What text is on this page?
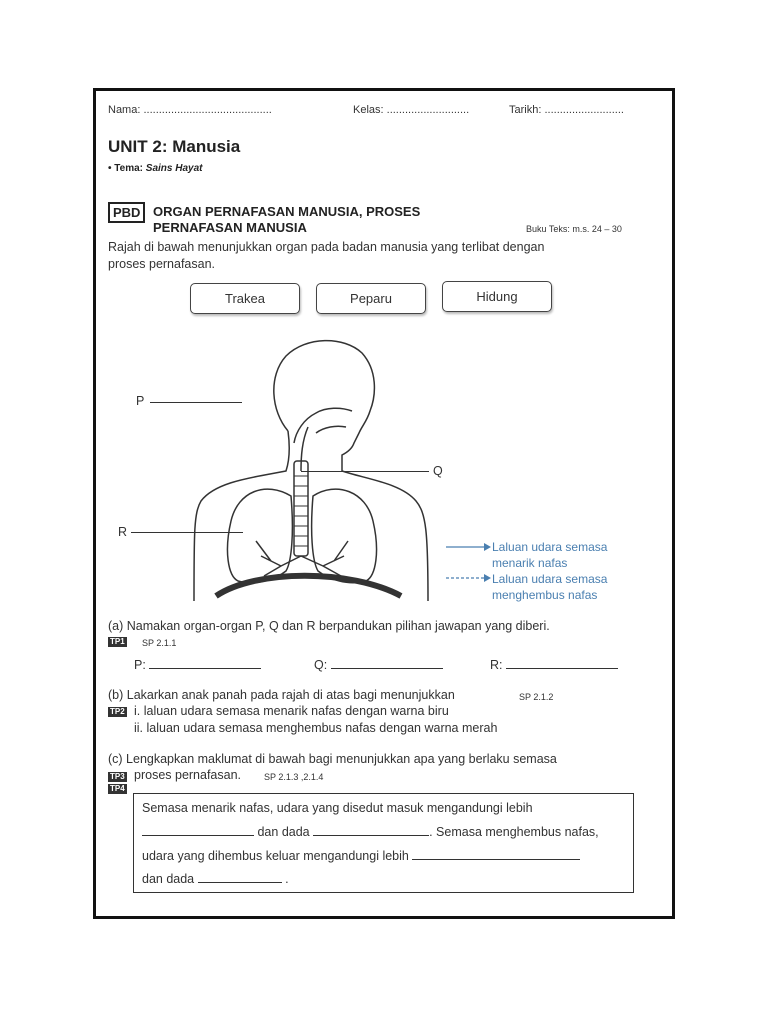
Nama: ..........................................	Kelas: ...........................	Tarikh: ..........................
UNIT 2: Manusia
• Tema: Sains Hayat
PBD ORGAN PERNAFASAN MANUSIA, PROSES
PERNAFASAN MANUSIA	Buku Teks: m.s. 24 – 30
Rajah di bawah menunjukkan organ pada badan manusia yang terlibat dengan
proses pernafasan.
Trakea	Peparu	Hidung
P
Q
R
Laluan udara semasa
menarik nafas
Laluan udara semasa
menghembus nafas
(a) Namakan organ-organ P, Q dan R berpandukan pilihan jawapan yang diberi.
TP1 SP 2.1.1
P:	Q:	R:
(b) Lakarkan anak panah pada rajah di atas bagi menunjukkan	SP 2.1.2
TP2 i. laluan udara semasa menarik nafas dengan warna biru
ii. laluan udara semasa menghembus nafas dengan warna merah
(c) Lengkapkan maklumat di bawah bagi menunjukkan apa yang berlaku semasa
TP3
TP4
proses pernafasan.	SP 2.1.3 ,2.1.4
Semasa menarik nafas, udara yang disedut masuk mengandungi lebih
dan dada	. Semasa menghembus nafas,
udara yang dihembus keluar mengandungi lebih
dan dada	.
